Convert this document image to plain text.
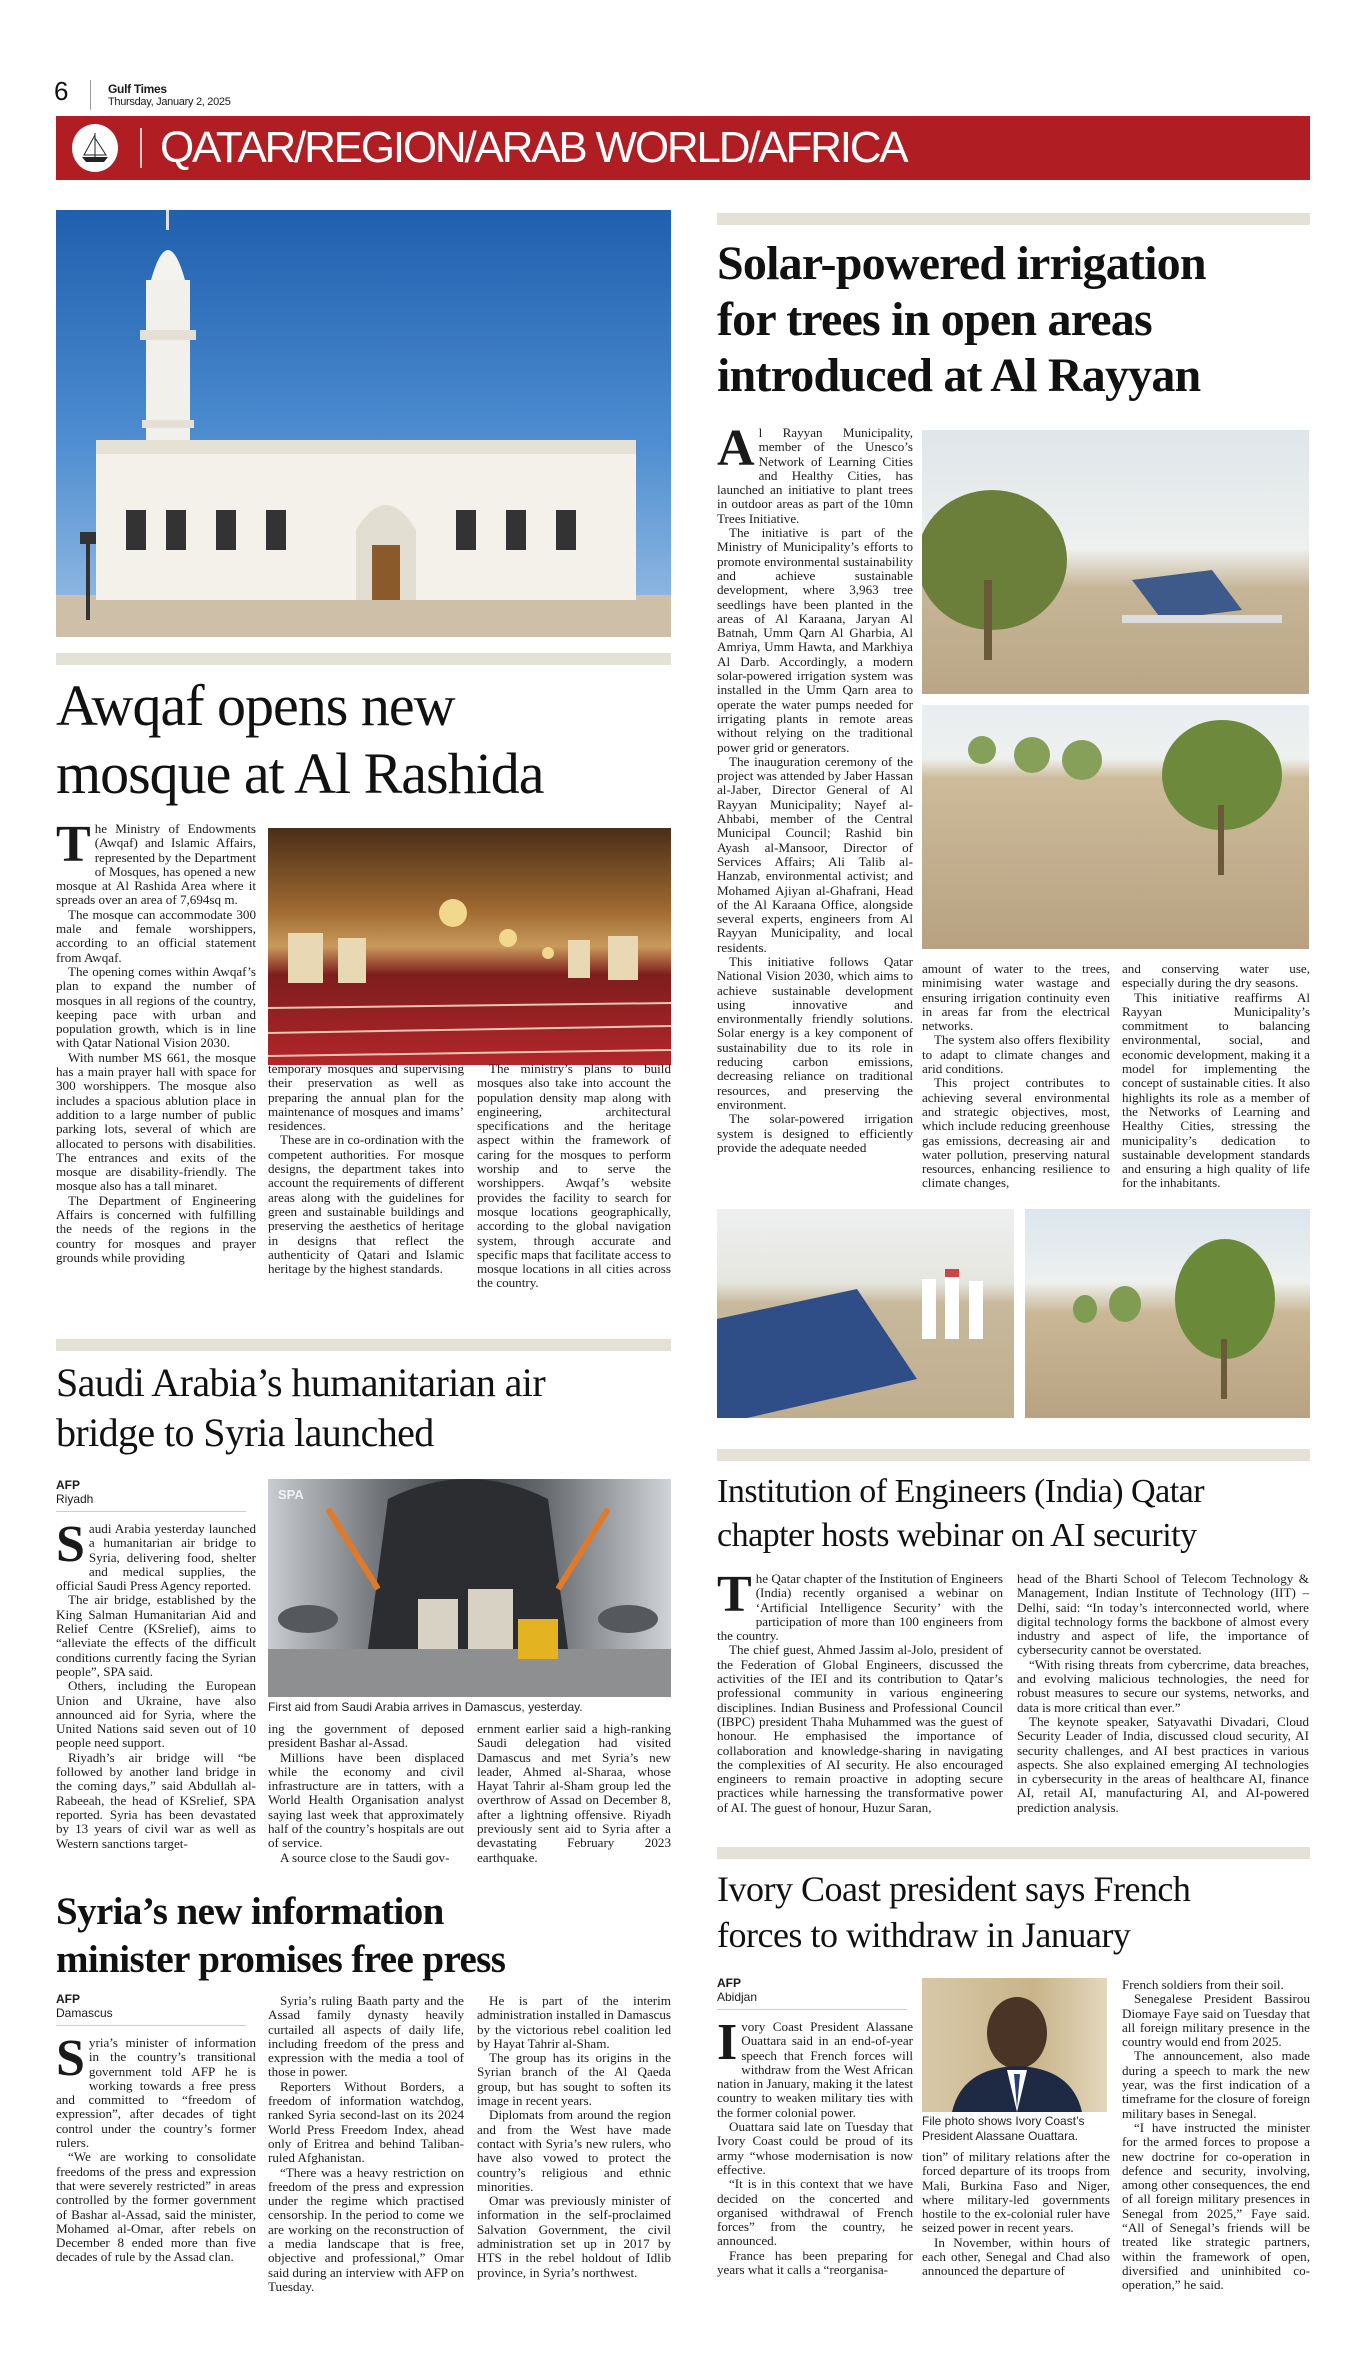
6	Gulf Times
Thursday, January 2, 2025
QATAR/REGION/ARAB WORLD/AFRICA
Awqaf opens new
mosque at Al Rashida

The Ministry of Endowments (Awqaf) and Islamic Affairs, represented by the Department of Mosques, has opened a new mosque at Al Rashida Area where it spreads over an area of 7,694sq m.

The mosque can accommodate 300 male and female worshippers, according to an official statement from Awqaf.

The opening comes within Awqaf’s plan to expand the number of mosques in all regions of the country, keeping pace with urban and population growth, which is in line with Qatar National Vision 2030.

With number MS 661, the mosque has a main prayer hall with space for 300 worshippers. The mosque also includes a spacious ablution place in addition to a large number of public parking lots, several of which are allocated to persons with disabilities. The entrances and exits of the mosque are disability-friendly. The mosque also has a tall minaret.

The Department of Engineering Affairs is concerned with fulfilling the needs of the regions in the country for mosques and prayer grounds while providing

temporary mosques and supervising their preservation as well as preparing the annual plan for the maintenance of mosques and imams’ residences.

These are in co-ordination with the competent authorities. For mosque designs, the department takes into account the requirements of different areas along with the guidelines for green and sustainable buildings and preserving the aesthetics of heritage in designs that reflect the authenticity of Qatari and Islamic heritage by the highest standards.

The ministry’s plans to build mosques also take into account the population density map along with engineering, architectural specifications and the heritage aspect within the framework of caring for the mosques to perform worship and to serve the worshippers. Awqaf’s website provides the facility to search for mosque locations geographically, according to the global navigation system, through accurate and specific maps that facilitate access to mosque locations in all cities across the country.

Saudi Arabia’s humanitarian air
bridge to Syria launched
AFP
Riyadh

Saudi Arabia yesterday launched a humanitarian air bridge to Syria, delivering food, shelter and medical supplies, the official Saudi Press Agency reported.

The air bridge, established by the King Salman Humanitarian Aid and Relief Centre (KSrelief), aims to “alleviate the effects of the difficult conditions currently facing the Syrian people”, SPA said.

Others, including the European Union and Ukraine, have also announced aid for Syria, where the United Nations said seven out of 10 people need support.

Riyadh’s air bridge will “be followed by another land bridge in the coming days,” said Abdullah al-Rabeeah, the head of KSrelief, SPA reported. Syria has been devastated by 13 years of civil war as well as Western sanctions target-

SPA
First aid from Saudi Arabia arrives in Damascus, yesterday.

ing the government of deposed president Bashar al-Assad.

Millions have been displaced while the economy and civil infrastructure are in tatters, with a World Health Organisation analyst saying last week that approximately half of the country’s hospitals are out of service.

A source close to the Saudi gov-

ernment earlier said a high-ranking Saudi delegation had visited Damascus and met Syria’s new leader, Ahmed al-Sharaa, whose Hayat Tahrir al-Sham group led the overthrow of Assad on December 8, after a lightning offensive. Riyadh previously sent aid to Syria after a devastating February 2023 earthquake.

Syria’s new information
minister promises free press
AFP
Damascus

Syria’s minister of information in the country’s transitional government told AFP he is working towards a free press and committed to “freedom of expression”, after decades of tight control under the country’s former rulers.

“We are working to consolidate freedoms of the press and expression that were severely restricted” in areas controlled by the former government of Bashar al-Assad, said the minister, Mohamed al-Omar, after rebels on December 8 ended more than five decades of rule by the Assad clan.

Syria’s ruling Baath party and the Assad family dynasty heavily curtailed all aspects of daily life, including freedom of the press and expression with the media a tool of those in power.

Reporters Without Borders, a freedom of information watchdog, ranked Syria second-last on its 2024 World Press Freedom Index, ahead only of Eritrea and behind Taliban-ruled Afghanistan.

“There was a heavy restriction on freedom of the press and expression under the regime which practised censorship. In the period to come we are working on the reconstruction of a media landscape that is free, objective and professional,” Omar said during an interview with AFP on Tuesday.

He is part of the interim administration installed in Damascus by the victorious rebel coalition led by Hayat Tahrir al-Sham.

The group has its origins in the Syrian branch of the Al Qaeda group, but has sought to soften its image in recent years.

Diplomats from around the region and from the West have made contact with Syria’s new rulers, who have also vowed to protect the country’s religious and ethnic minorities.

Omar was previously minister of information in the self-proclaimed Salvation Government, the civil administration set up in 2017 by HTS in the rebel holdout of Idlib province, in Syria’s northwest.

Solar-powered irrigation
for trees in open areas
introduced at Al Rayyan

Al Rayyan Municipality, member of the Unesco’s Network of Learning Cities and Healthy Cities, has launched an initiative to plant trees in outdoor areas as part of the 10mn Trees Initiative.

The initiative is part of the Ministry of Municipality’s efforts to promote environmental sustainability and achieve sustainable development, where 3,963 tree seedlings have been planted in the areas of Al Karaana, Jaryan Al Batnah, Umm Qarn Al Gharbia, Al Amriya, Umm Hawta, and Markhiya Al Darb. Accordingly, a modern solar-powered irrigation system was installed in the Umm Qarn area to operate the water pumps needed for irrigating plants in remote areas without relying on the traditional power grid or generators.

The inauguration ceremony of the project was attended by Jaber Hassan al-Jaber, Director General of Al Rayyan Municipality; Nayef al-Ahbabi, member of the Central Municipal Council; Rashid bin Ayash al-Mansoor, Director of Services Affairs; Ali Talib al-Hanzab, environmental activist; and Mohamed Ajiyan al-Ghafrani, Head of the Al Karaana Office, alongside several experts, engineers from Al Rayyan Municipality, and local residents.

This initiative follows Qatar National Vision 2030, which aims to achieve sustainable development using innovative and environmentally friendly solutions. Solar energy is a key component of sustainability due to its role in reducing carbon emissions, decreasing reliance on traditional resources, and preserving the environment.

The solar-powered irrigation system is designed to efficiently provide the adequate needed

amount of water to the trees, minimising water wastage and ensuring irrigation continuity even in areas far from the electrical networks.

The system also offers flexibility to adapt to climate changes and arid conditions.

This project contributes to achieving several environmental and strategic objectives, most, which include reducing greenhouse gas emissions, decreasing air and water pollution, preserving natural resources, enhancing resilience to climate changes,

and conserving water use, especially during the dry seasons.

This initiative reaffirms Al Rayyan Municipality’s commitment to balancing environmental, social, and economic development, making it a model for implementing the concept of sustainable cities. It also highlights its role as a member of the Networks of Learning and Healthy Cities, stressing the municipality’s dedication to sustainable development standards and ensuring a high quality of life for the inhabitants.

Institution of Engineers (India) Qatar
chapter hosts webinar on AI security

The Qatar chapter of the Institution of Engineers (India) recently organised a webinar on ‘Artificial Intelligence Security’ with the participation of more than 100 engineers from the country.

The chief guest, Ahmed Jassim al-Jolo, president of the Federation of Global Engineers, discussed the activities of the IEI and its contribution to Qatar’s professional community in various engineering disciplines. Indian Business and Professional Council (IBPC) president Thaha Muhammed was the guest of honour. He emphasised the importance of collaboration and knowledge-sharing in navigating the complexities of AI security. He also encouraged engineers to remain proactive in adopting secure practices while harnessing the transformative power of AI. The guest of honour, Huzur Saran,

head of the Bharti School of Telecom Technology & Management, Indian Institute of Technology (IIT) – Delhi, said: “In today’s interconnected world, where digital technology forms the backbone of almost every industry and aspect of life, the importance of cybersecurity cannot be overstated.

“With rising threats from cybercrime, data breaches, and evolving malicious technologies, the need for robust measures to secure our systems, networks, and data is more critical than ever.”

The keynote speaker, Satyavathi Divadari, Cloud Security Leader of India, discussed cloud security, AI security challenges, and AI best practices in various aspects. She also explained emerging AI technologies in cybersecurity in the areas of healthcare AI, finance AI, retail AI, manufacturing AI, and AI-powered prediction analysis.

Ivory Coast president says French
forces to withdraw in January
AFP
Abidjan

Ivory Coast President Alassane Ouattara said in an end-of-year speech that French forces will withdraw from the West African nation in January, making it the latest country to weaken military ties with the former colonial power.

Ouattara said late on Tuesday that Ivory Coast could be proud of its army “whose modernisation is now effective.

“It is in this context that we have decided on the concerted and organised withdrawal of French forces” from the country, he announced.

France has been preparing for years what it calls a “reorganisa-

File photo shows Ivory Coast’s President Alassane Ouattara.

tion” of military relations after the forced departure of its troops from Mali, Burkina Faso and Niger, where military-led governments hostile to the ex-colonial ruler have seized power in recent years.

In November, within hours of each other, Senegal and Chad also announced the departure of

French soldiers from their soil.

Senegalese President Bassirou Diomaye Faye said on Tuesday that all foreign military presence in the country would end from 2025.

The announcement, also made during a speech to mark the new year, was the first indication of a timeframe for the closure of foreign military bases in Senegal.

“I have instructed the minister for the armed forces to propose a new doctrine for co-operation in defence and security, involving, among other consequences, the end of all foreign military presences in Senegal from 2025,” Faye said. “All of Senegal’s friends will be treated like strategic partners, within the framework of open, diversified and uninhibited co-operation,” he said.
